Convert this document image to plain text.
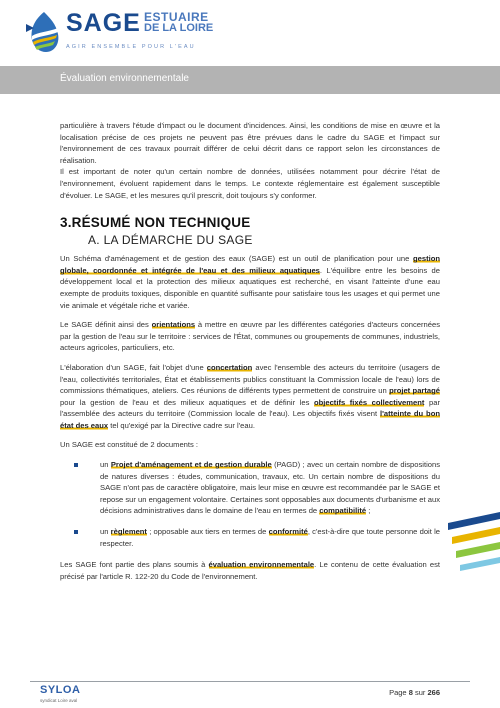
SAGE ESTUAIRE
DE LA LOIRE
AGIR ENSEMBLE POUR L'EAU
Évaluation environnementale

particulière à travers l'étude d'impact ou le document d'incidences. Ainsi, les conditions de mise en œuvre et la localisation précise de ces projets ne peuvent pas être prévues dans le cadre du SAGE et l'impact sur l'environnement de ces travaux pourrait différer de celui décrit dans ce rapport selon les circonstances de réalisation.

Il est important de noter qu'un certain nombre de données, utilisées notamment pour décrire l'état de l'environnement, évoluent rapidement dans le temps. Le contexte réglementaire est également susceptible d'évoluer. Le SAGE, et les mesures qu'il prescrit, doit toujours s'y conformer.

3.RÉSUMÉ NON TECHNIQUE
A. LA DÉMARCHE DU SAGE

Un Schéma d'aménagement et de gestion des eaux (SAGE) est un outil de planification pour une gestion globale, coordonnée et intégrée de l'eau et des milieux aquatiques. L'équilibre entre les besoins de développement local et la protection des milieux aquatiques est recherché, en visant l'atteinte d'une eau exempte de produits toxiques, disponible en quantité suffisante pour satisfaire tous les usages et qui permet une vie animale et végétale riche et variée.

Le SAGE définit ainsi des orientations à mettre en œuvre par les différentes catégories d'acteurs concernées par la gestion de l'eau sur le territoire : services de l'État, communes ou groupements de communes, industriels, acteurs agricoles, particuliers, etc.

L'élaboration d'un SAGE, fait l'objet d'une concertation avec l'ensemble des acteurs du territoire (usagers de l'eau, collectivités territoriales, État et établissements publics constituant la Commission locale de l'eau) lors de commissions thématiques, ateliers. Ces réunions de différents types permettent de construire un projet partagé pour la gestion de l'eau et des milieux aquatiques et de définir les objectifs fixés collectivement par l'assemblée des acteurs du territoire (Commission locale de l'eau). Les objectifs fixés visent l'atteinte du bon état des eaux tel qu'exigé par la Directive cadre sur l'eau.

Un SAGE est constitué de 2 documents :

un Projet d'aménagement et de gestion durable (PAGD) ; avec un certain nombre de dispositions de natures diverses : études, communication, travaux, etc. Un certain nombre de dispositions du SAGE n'ont pas de caractère obligatoire, mais leur mise en œuvre est recommandée par le SAGE et repose sur un engagement volontaire. Certaines sont opposables aux documents d'urbanisme et aux décisions administratives dans le domaine de l'eau en termes de compatibilité ;

un règlement ; opposable aux tiers en termes de conformité, c'est-à-dire que toute personne doit le respecter.

Les SAGE font partie des plans soumis à évaluation environnementale. Le contenu de cette évaluation est précisé par l'article R. 122-20 du Code de l'environnement.

SYLOA
syndicat Loire aval
Page 8 sur 266
